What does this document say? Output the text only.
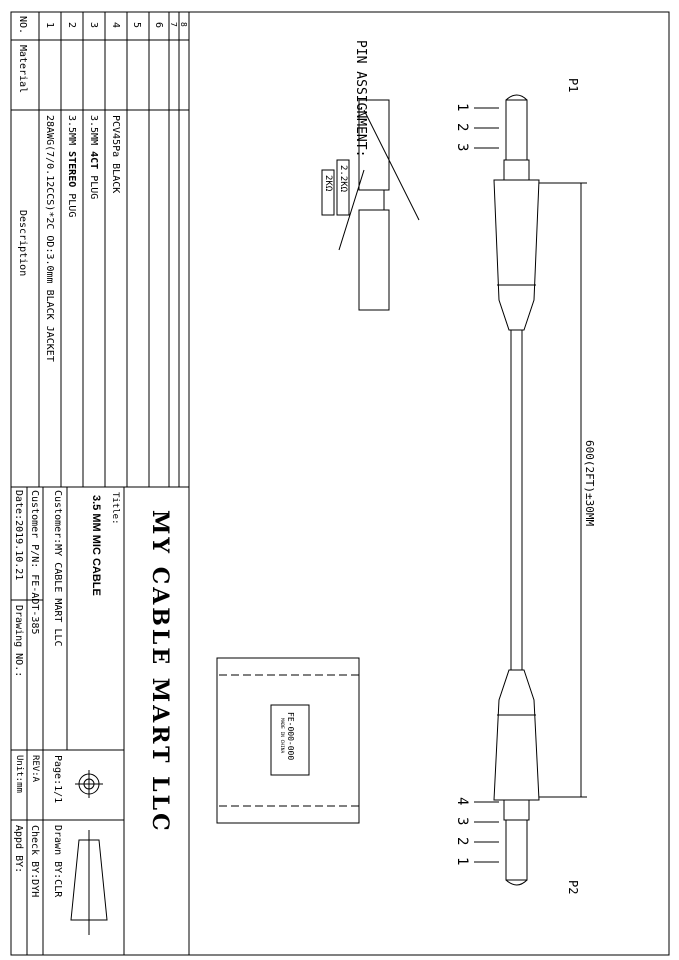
P1
P2
1
2
3
4
3
2
1
600(2FT)±30MM
PIN ASSIGNMENT:
2.2KΩ
2KΩ
FE-000-000
MADE IN CHINA
NO.
Material
Description
1
28AWG(7/0.12CCS)*2C OD:3.0mm BLACK JACKET
2
3.5MM STEREO PLUG
3
3.5MM 4CT PLUG
4
PCV45Pa BLACK
5 6 7 8
MY CABLE MART LLC
Title:
3.5 MM MIC CABLE
Customer:MY CABLE MART LLC
Customer P/N: FE-ADT-385
Date:2019.10.21
Drawing NO.:
Page:1/1
REV:A
Unit:mm
Drawn BY:CLR
Check BY:DYH
Appd BY:
